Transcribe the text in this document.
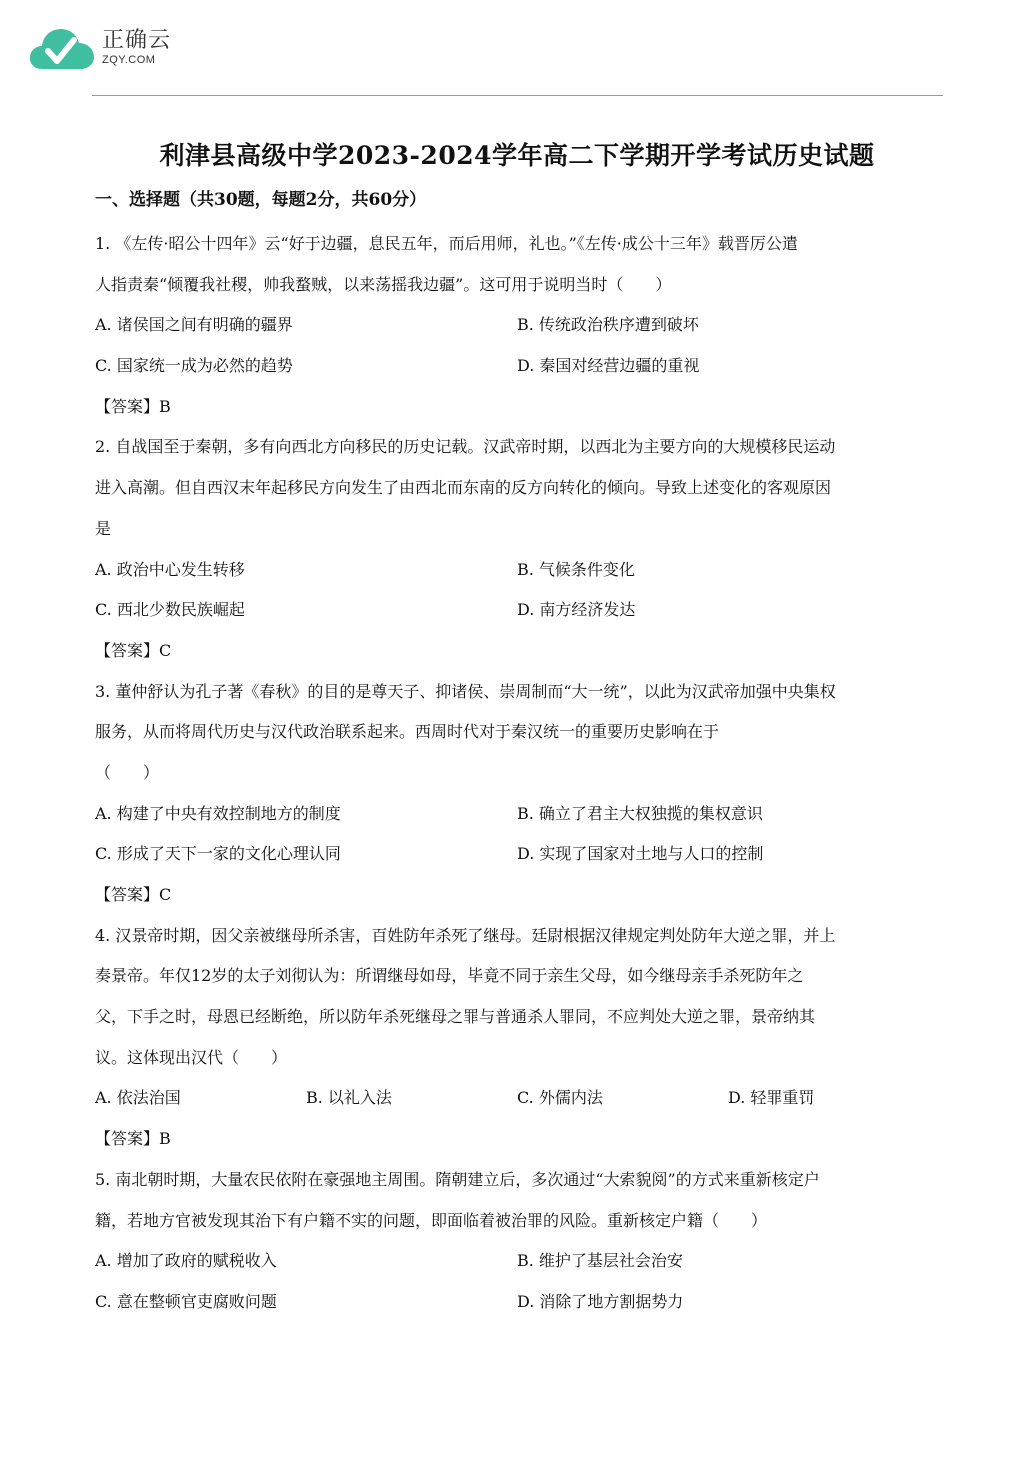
正确云
ZQY.COM
利津县高级中学2023-2024学年高二下学期开学考试历史试题
一、选择题（共30题，每题2分，共60分）
1. 《左传·昭公十四年》云“好于边疆，息民五年，而后用师，礼也。”《左传·成公十三年》载晋厉公遣
人指责秦“倾覆我社稷，帅我蝥贼，以来荡摇我边疆”。这可用于说明当时（　　）
A. 诸侯国之间有明确的疆界	B. 传统政治秩序遭到破坏
C. 国家统一成为必然的趋势	D. 秦国对经营边疆的重视
【答案】B
2. 自战国至于秦朝，多有向西北方向移民的历史记载。汉武帝时期，以西北为主要方向的大规模移民运动
进入高潮。但自西汉末年起移民方向发生了由西北而东南的反方向转化的倾向。导致上述变化的客观原因
是
A. 政治中心发生转移	B. 气候条件变化
C. 西北少数民族崛起	D. 南方经济发达
【答案】C
3. 董仲舒认为孔子著《春秋》的目的是尊天子、抑诸侯、崇周制而“大一统”，以此为汉武帝加强中央集权
服务，从而将周代历史与汉代政治联系起来。西周时代对于秦汉统一的重要历史影响在于
（　　）
A. 构建了中央有效控制地方的制度	B. 确立了君主大权独揽的集权意识
C. 形成了天下一家的文化心理认同	D. 实现了国家对土地与人口的控制
【答案】C
4. 汉景帝时期，因父亲被继母所杀害，百姓防年杀死了继母。廷尉根据汉律规定判处防年大逆之罪，并上
奏景帝。年仅12岁的太子刘彻认为：所谓继母如母，毕竟不同于亲生父母，如今继母亲手杀死防年之
父，下手之时，母恩已经断绝，所以防年杀死继母之罪与普通杀人罪同，不应判处大逆之罪，景帝纳其
议。这体现出汉代（　　）
A. 依法治国	B. 以礼入法	C. 外儒内法	D. 轻罪重罚
【答案】B
5. 南北朝时期，大量农民依附在豪强地主周围。隋朝建立后，多次通过“大索貌阅”的方式来重新核定户
籍，若地方官被发现其治下有户籍不实的问题，即面临着被治罪的风险。重新核定户籍（　　）
A. 增加了政府的赋税收入	B. 维护了基层社会治安
C. 意在整顿官吏腐败问题	D. 消除了地方割据势力
